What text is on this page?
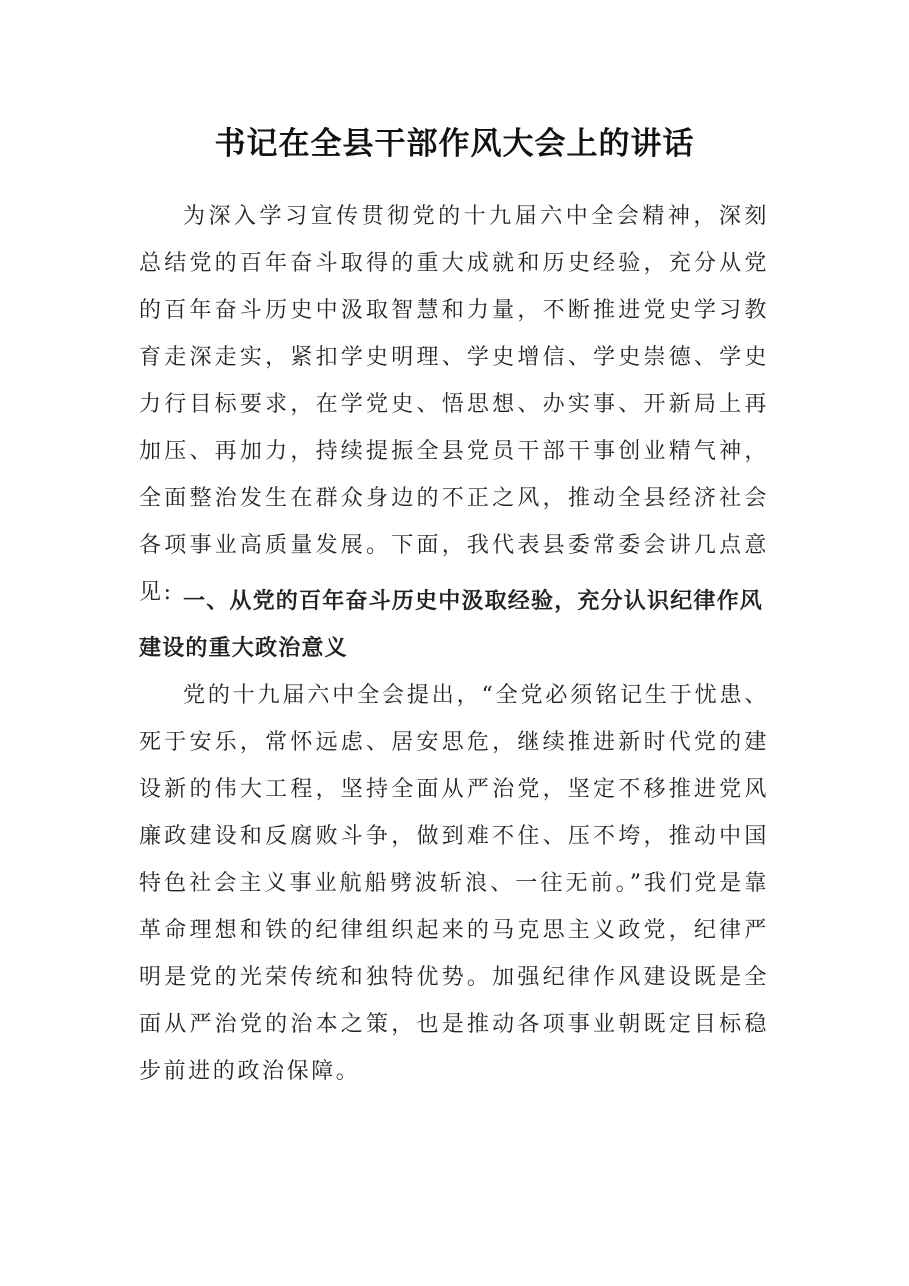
书记在全县干部作风大会上的讲话

为深入学习宣传贯彻党的十九届六中全会精神，深刻总结党的百年奋斗取得的重大成就和历史经验，充分从党的百年奋斗历史中汲取智慧和力量，不断推进党史学习教育走深走实，紧扣学史明理、学史增信、学史崇德、学史力行目标要求，在学党史、悟思想、办实事、开新局上再加压、再加力，持续提振全县党员干部干事创业精气神，全面整治发生在群众身边的不正之风，推动全县经济社会各项事业高质量发展。下面，我代表县委常委会讲几点意见: 一、从党的百年奋斗历史中汲取经验，充分认识纪律作风建设的重大政治意义

党的十九届六中全会提出，“全党必须铭记生于忧患、死于安乐，常怀远虑、居安思危，继续推进新时代党的建设新的伟大工程，坚持全面从严治党，坚定不移推进党风廉政建设和反腐败斗争，做到难不住、压不垮，推动中国特色社会主义事业航船劈波斩浪、一往无前。”我们党是靠革命理想和铁的纪律组织起来的马克思主义政党，纪律严明是党的光荣传统和独特优势。加强纪律作风建设既是全面从严治党的治本之策，也是推动各项事业朝既定目标稳步前进的政治保障。
